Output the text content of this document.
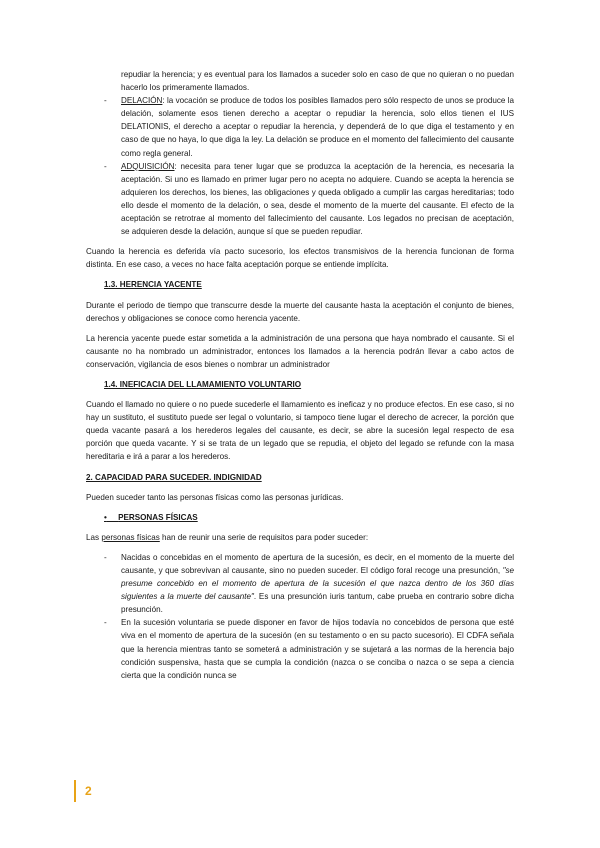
repudiar la herencia; y es eventual para los llamados a suceder solo en caso de que no quieran o no puedan hacerlo los primeramente llamados.

- DELACIÓN: la vocación se produce de todos los posibles llamados pero sólo respecto de unos se produce la delación, solamente esos tienen derecho a aceptar o repudiar la herencia, solo ellos tienen el IUS DELATIONIS, el derecho a aceptar o repudiar la herencia, y dependerá de lo que diga el testamento y en caso de que no haya, lo que diga la ley. La delación se produce en el momento del fallecimiento del causante como regla general.
- ADQUISICIÓN: necesita para tener lugar que se produzca la aceptación de la herencia, es necesaria la aceptación. Si uno es llamado en primer lugar pero no acepta no adquiere. Cuando se acepta la herencia se adquieren los derechos, los bienes, las obligaciones y queda obligado a cumplir las cargas hereditarias; todo ello desde el momento de la delación, o sea, desde el momento de la muerte del causante. El efecto de la aceptación se retrotrae al momento del fallecimiento del causante. Los legados no precisan de aceptación, se adquieren desde la delación, aunque sí que se pueden repudiar.

Cuando la herencia es deferida vía pacto sucesorio, los efectos transmisivos de la herencia funcionan de forma distinta. En ese caso, a veces no hace falta aceptación porque se entiende implícita.

1.3. HERENCIA YACENTE

Durante el periodo de tiempo que transcurre desde la muerte del causante hasta la aceptación el conjunto de bienes, derechos y obligaciones se conoce como herencia yacente.

La herencia yacente puede estar sometida a la administración de una persona que haya nombrado el causante. Si el causante no ha nombrado un administrador, entonces los llamados a la herencia podrán llevar a cabo actos de conservación, vigilancia de esos bienes o nombrar un administrador

1.4. INEFICACIA DEL LLAMAMIENTO VOLUNTARIO

Cuando el llamado no quiere o no puede sucederle el llamamiento es ineficaz y no produce efectos. En ese caso, si no hay un sustituto, el sustituto puede ser legal o voluntario, si tampoco tiene lugar el derecho de acrecer, la porción que queda vacante pasará a los herederos legales del causante, es decir, se abre la sucesión legal respecto de esa porción que queda vacante. Y si se trata de un legado que se repudia, el objeto del legado se refunde con la masa hereditaria e irá a parar a los herederos.

2. CAPACIDAD PARA SUCEDER. INDIGNIDAD

Pueden suceder tanto las personas físicas como las personas jurídicas.

• PERSONAS FÍSICAS

Las personas físicas han de reunir una serie de requisitos para poder suceder:

- Nacidas o concebidas en el momento de apertura de la sucesión, es decir, en el momento de la muerte del causante, y que sobrevivan al causante, sino no pueden suceder. El código foral recoge una presunción, "se presume concebido en el momento de apertura de la sucesión el que nazca dentro de los 360 días siguientes a la muerte del causante". Es una presunción iuris tantum, cabe prueba en contrario sobre dicha presunción.
- En la sucesión voluntaria se puede disponer en favor de hijos todavía no concebidos de persona que esté viva en el momento de apertura de la sucesión (en su testamento o en su pacto sucesorio). El CDFA señala que la herencia mientras tanto se someterá a administración y se sujetará a las normas de la herencia bajo condición suspensiva, hasta que se cumpla la condición (nazca o se conciba o nazca o se sepa a ciencia cierta que la condición nunca se
2
